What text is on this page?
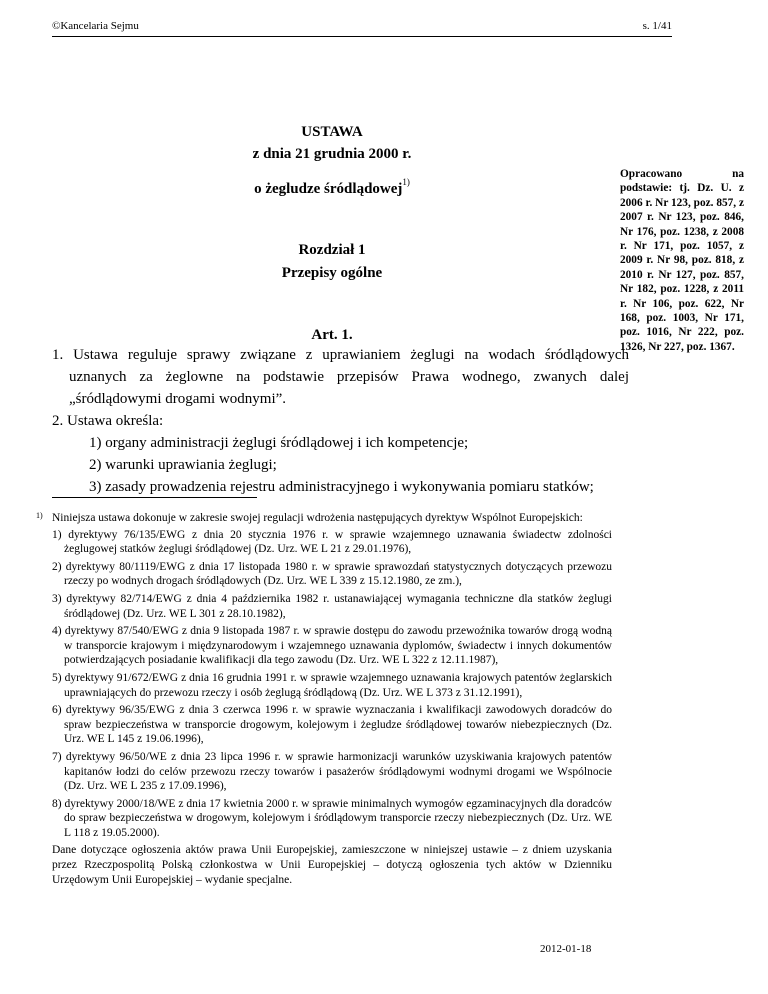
©Kancelaria Sejmu	s. 1/41
USTAWA
z dnia 21 grudnia 2000 r.
o żegludze śródlądowej$^{1)}$
Opracowano na podstawie: tj. Dz. U. z 2006 r. Nr 123, poz. 857, z 2007 r. Nr 123, poz. 846, Nr 176, poz. 1238, z 2008 r. Nr 171, poz. 1057, z 2009 r. Nr 98, poz. 818, z 2010 r. Nr 127, poz. 857, Nr 182, poz. 1228, z 2011 r. Nr 106, poz. 622, Nr 168, poz. 1003, Nr 171, poz. 1016, Nr 222, poz. 1326, Nr 227, poz. 1367.
Rozdział 1
Przepisy ogólne
Art. 1.
1. Ustawa reguluje sprawy związane z uprawianiem żeglugi na wodach śródlądowych uznanych za żeglowne na podstawie przepisów Prawa wodnego, zwanych dalej „śródlądowymi drogami wodnymi”.
2. Ustawa określa:
1) organy administracji żeglugi śródlądowej i ich kompetencje;
2) warunki uprawiania żeglugi;
3) zasady prowadzenia rejestru administracyjnego i wykonywania pomiaru statków;
1) Niniejsza ustawa dokonuje w zakresie swojej regulacji wdrożenia następujących dyrektyw Wspólnot Europejskich:
1) dyrektywy 76/135/EWG z dnia 20 stycznia 1976 r. w sprawie wzajemnego uznawania świadectw zdolności żeglugowej statków żeglugi śródlądowej (Dz. Urz. WE L 21 z 29.01.1976),
2) dyrektywy 80/1119/EWG z dnia 17 listopada 1980 r. w sprawie sprawozdań statystycznych dotyczących przewozu rzeczy po wodnych drogach śródlądowych (Dz. Urz. WE L 339 z 15.12.1980, ze zm.),
3) dyrektywy 82/714/EWG z dnia 4 października 1982 r. ustanawiającej wymagania techniczne dla statków żeglugi śródlądowej (Dz. Urz. WE L 301 z 28.10.1982),
4) dyrektywy 87/540/EWG z dnia 9 listopada 1987 r. w sprawie dostępu do zawodu przewoźnika towarów drogą wodną w transporcie krajowym i międzynarodowym i wzajemnego uznawania dyplomów, świadectw i innych dokumentów potwierdzających posiadanie kwalifikacji dla tego zawodu (Dz. Urz. WE L 322 z 12.11.1987),
5) dyrektywy 91/672/EWG z dnia 16 grudnia 1991 r. w sprawie wzajemnego uznawania krajowych patentów żeglarskich uprawniających do przewozu rzeczy i osób żeglugą śródlądową (Dz. Urz. WE L 373 z 31.12.1991),
6) dyrektywy 96/35/EWG z dnia 3 czerwca 1996 r. w sprawie wyznaczania i kwalifikacji zawodowych doradców do spraw bezpieczeństwa w transporcie drogowym, kolejowym i żegludze śródlądowej towarów niebezpiecznych (Dz. Urz. WE L 145 z 19.06.1996),
7) dyrektywy 96/50/WE z dnia 23 lipca 1996 r. w sprawie harmonizacji warunków uzyskiwania krajowych patentów kapitanów łodzi do celów przewozu rzeczy towarów i pasażerów śródlądowymi wodnymi drogami we Wspólnocie (Dz. Urz. WE L 235 z 17.09.1996),
8) dyrektywy 2000/18/WE z dnia 17 kwietnia 2000 r. w sprawie minimalnych wymogów egzaminacyjnych dla doradców do spraw bezpieczeństwa w drogowym, kolejowym i śródlądowym transporcie rzeczy niebezpiecznych (Dz. Urz. WE L 118 z 19.05.2000).
Dane dotyczące ogłoszenia aktów prawa Unii Europejskiej, zamieszczone w niniejszej ustawie – z dniem uzyskania przez Rzeczpospolitą Polską członkostwa w Unii Europejskiej – dotyczą ogłoszenia tych aktów w Dzienniku Urzędowym Unii Europejskiej – wydanie specjalne.
2012-01-18
